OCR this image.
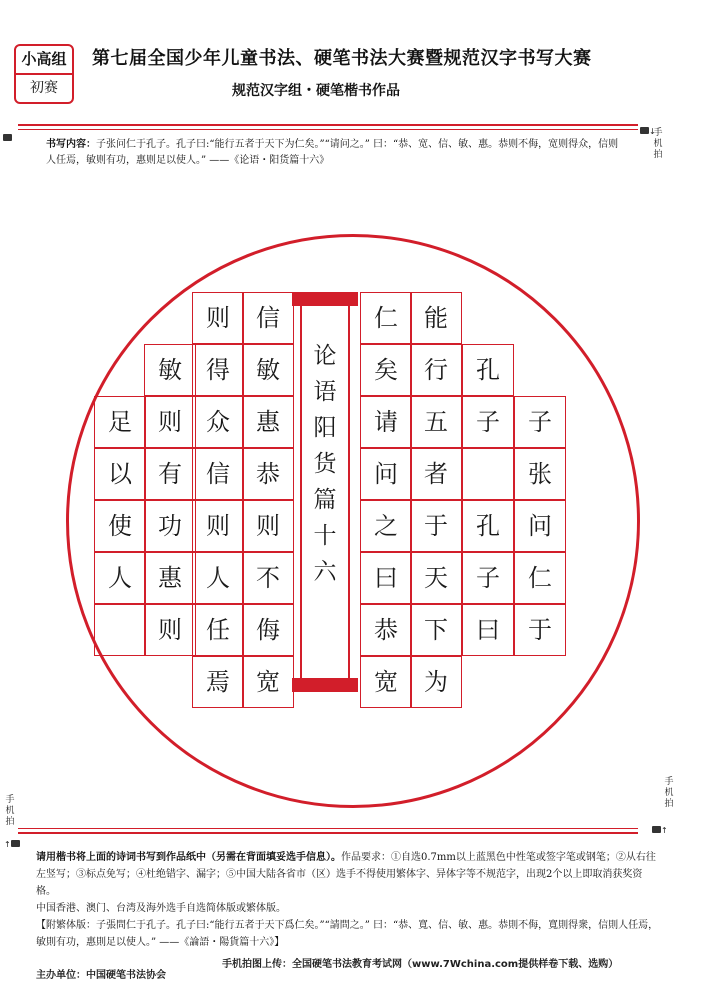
小高组
初赛
第七届全国少年儿童书法、硬笔书法大赛暨规范汉字书写大赛
规范汉字组・硬笔楷书作品
↓
手机拍
书写内容：子张问仁于孔子。孔子曰:“能行五者于天下为仁矣。”“请问之。” 曰：“恭、宽、信、敏、惠。恭则不侮，宽则得众，信则人任焉，敏则有功，惠则足以使人。” ——《论语・阳货篇十六》
足
以
使
人
敏
则
有
功
惠
则
则
得
众
信
则
人
任
焉
信
敏
惠
恭
则
不
侮
宽
仁
矣
请
问
之
曰
恭
宽
能
行
五
者
于
天
下
为
孔
子
孔
子
曰
子
张
问
仁
于
论
语
阳
货
篇
十
六
手机拍
↑
手机拍
↑
请用楷书将上面的诗词书写到作品纸中（另需在背面填妥选手信息）。作品要求：①自选0.7mm以上蓝黑色中性笔或签字笔或钢笔；②从右往左竖写；③标点免写；④杜绝错字、漏字；⑤中国大陆各省市（区）选手不得使用繁体字、异体字等不规范字，出现2个以上即取消获奖资格。
中国香港、澳门、台湾及海外选手自选简体版或繁体版。
【附繁体版：子張問仁于孔子。孔子曰:“能行五者于天下爲仁矣。”“請問之。” 曰：“恭、寬、信、敏、惠。恭則不侮，寬則得衆，信則人任焉，敏則有功，惠則足以使人。” ——《論語・陽貨篇十六》】
主办单位：中国硬笔书法协会
手机拍图上传：全国硬笔书法教育考试网（www.7Wchina.com提供样卷下载、选购）
